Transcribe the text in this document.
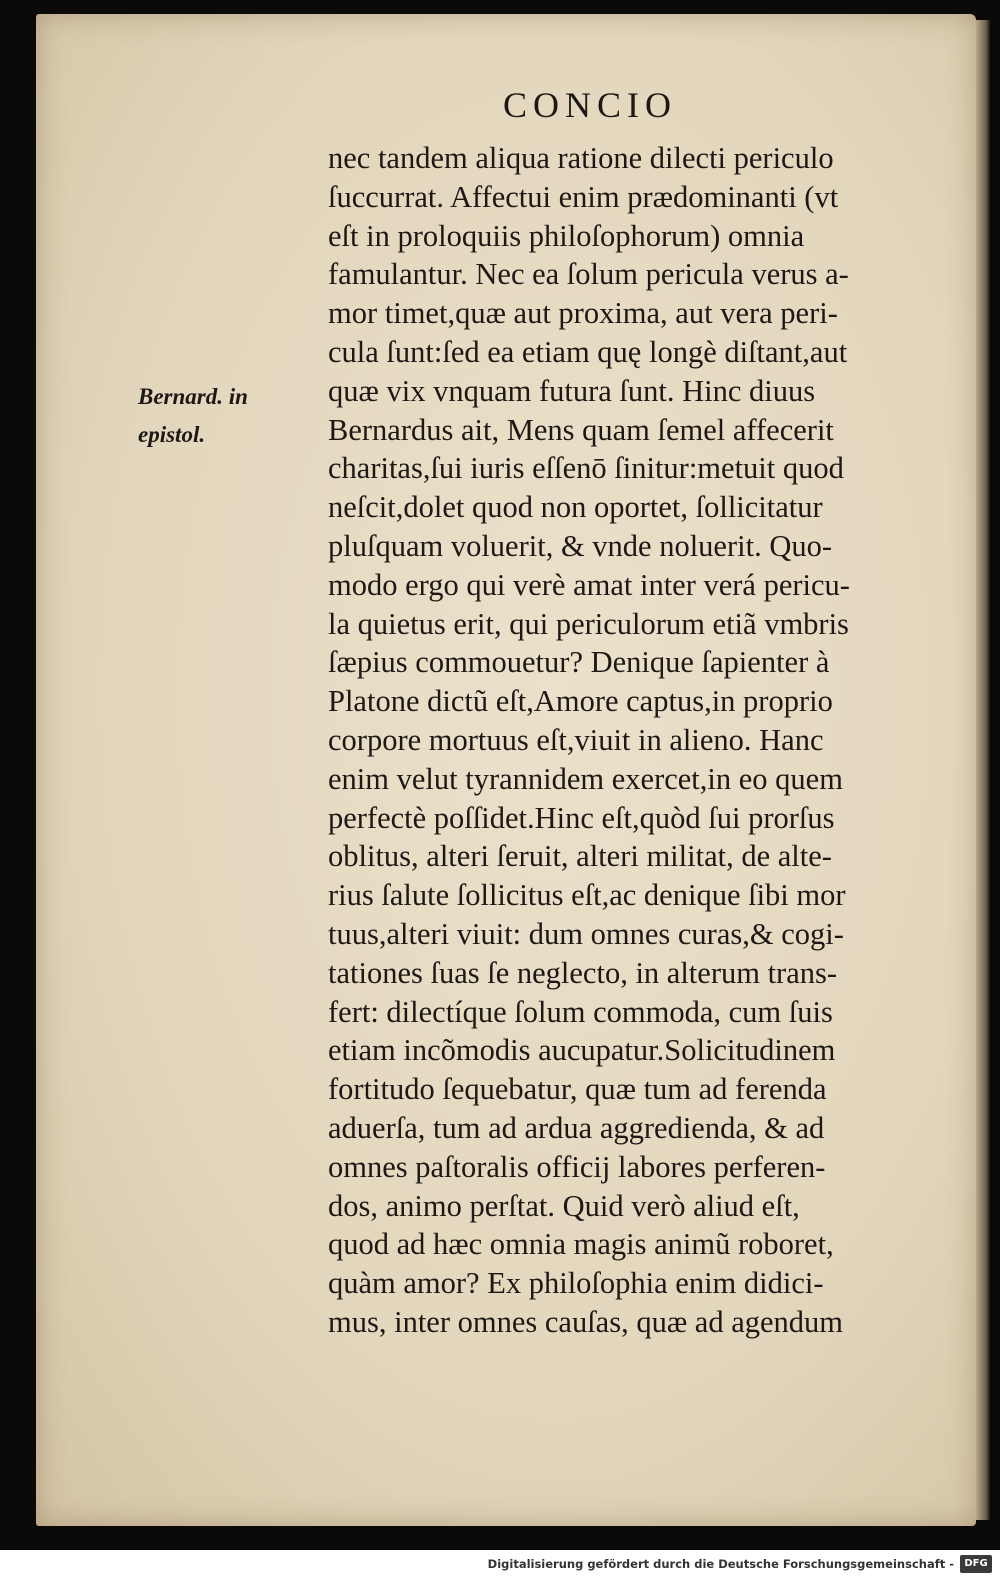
CONCIO
Bernard. in
epistol.
nec tandem aliqua ratione dilecti periculo
ſuccurrat. Affectui enim prædominanti (vt
eſt in proloquiis philoſophorum) omnia
famulantur. Nec ea ſolum pericula verus a-
mor timet,quæ aut proxima, aut vera peri-
cula ſunt:ſed ea etiam quę longè diſtant,aut
quæ vix vnquam futura ſunt. Hinc diuus
Bernardus ait, Mens quam ſemel affecerit
charitas,ſui iuris eſſenō ſinitur:metuit quod
neſcit,dolet quod non oportet, ſollicitatur
pluſquam voluerit, & vnde noluerit. Quo-
modo ergo qui verè amat inter verá pericu-
la quietus erit, qui periculorum etiã vmbris
ſæpius commouetur? Denique ſapienter à
Platone dictũ eſt,Amore captus,in proprio
corpore mortuus eſt,viuit in alieno. Hanc
enim velut tyrannidem exercet,in eo quem
perfectè poſſidet.Hinc eſt,quòd ſui prorſus
oblitus, alteri ſeruit, alteri militat, de alte-
rius ſalute ſollicitus eſt,ac denique ſibi mor
tuus,alteri viuit: dum omnes curas,& cogi-
tationes ſuas ſe neglecto, in alterum trans-
fert: dilectíque ſolum commoda, cum ſuis
etiam incõmodis aucupatur.Solicitudinem
fortitudo ſequebatur, quæ tum ad ferenda
aduerſa, tum ad ardua aggredienda, & ad
omnes paſtoralis officij labores perferen-
dos, animo perſtat. Quid verò aliud eſt,
quod ad hæc omnia magis animũ roboret,
quàm amor? Ex philoſophia enim didici-
mus, inter omnes cauſas, quæ ad agendum
Digitalisierung gefördert durch die Deutsche Forschungsgemeinschaft -	DFG
